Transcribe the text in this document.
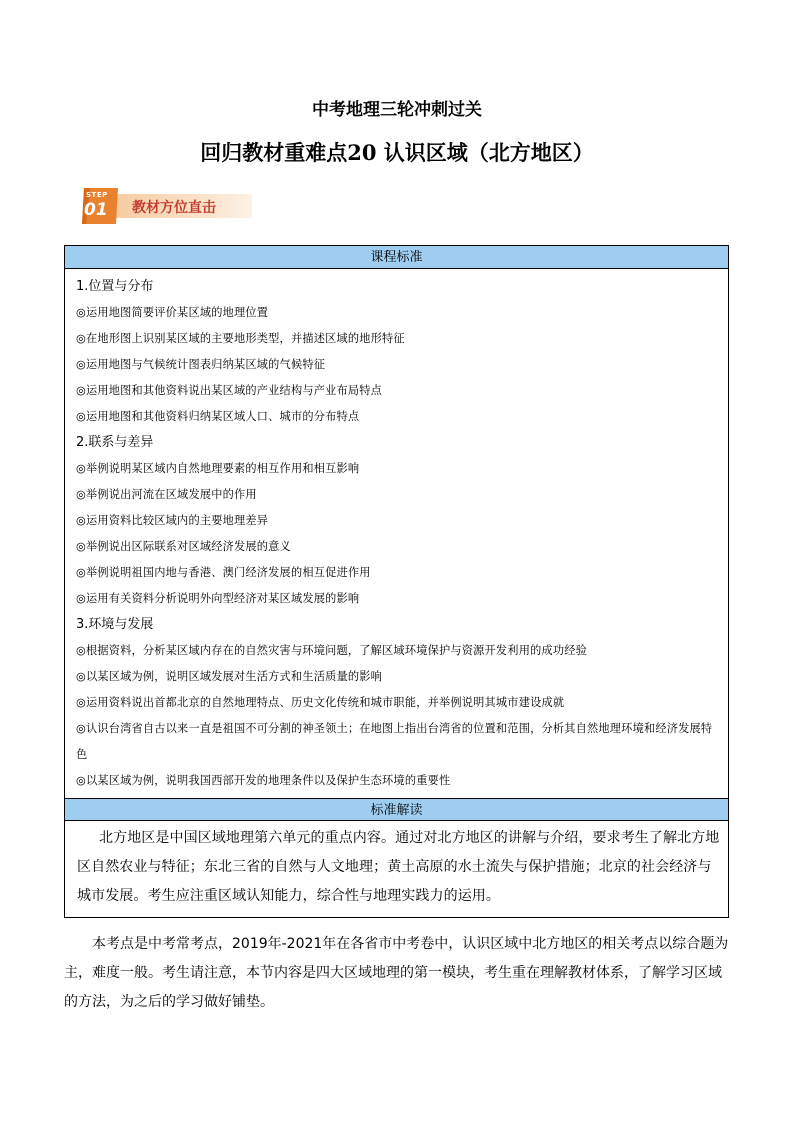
中考地理三轮冲刺过关
回归教材重难点20 认识区域（北方地区）
教材方位直击
STEP
01
课程标准
1.位置与分布
◎运用地图简要评价某区域的地理位置
◎在地形图上识别某区域的主要地形类型，并描述区域的地形特征
◎运用地图与气候统计图表归纳某区域的气候特征
◎运用地图和其他资料说出某区域的产业结构与产业布局特点
◎运用地图和其他资料归纳某区域人口、城市的分布特点
2.联系与差异
◎举例说明某区域内自然地理要素的相互作用和相互影响
◎举例说出河流在区域发展中的作用
◎运用资料比较区域内的主要地理差异
◎举例说出区际联系对区域经济发展的意义
◎举例说明祖国内地与香港、澳门经济发展的相互促进作用
◎运用有关资料分析说明外向型经济对某区域发展的影响
3.环境与发展
◎根据资料，分析某区域内存在的自然灾害与环境问题，了解区域环境保护与资源开发利用的成功经验
◎以某区域为例，说明区域发展对生活方式和生活质量的影响
◎运用资料说出首都北京的自然地理特点、历史文化传统和城市职能，并举例说明其城市建设成就
◎认识台湾省自古以来一直是祖国不可分割的神圣领土；在地图上指出台湾省的位置和范围，分析其自然地理环境和经济发展特色
◎以某区域为例，说明我国西部开发的地理条件以及保护生态环境的重要性
标准解读
北方地区是中国区域地理第六单元的重点内容。通过对北方地区的讲解与介绍，要求考生了解北方地区自然农业与特征；东北三省的自然与人文地理；黄土高原的水土流失与保护措施；北京的社会经济与城市发展。考生应注重区域认知能力，综合性与地理实践力的运用。

本考点是中考常考点，2019年-2021年在各省市中考卷中，认识区域中北方地区的相关考点以综合题为主，难度一般。考生请注意，本节内容是四大区域地理的第一模块，考生重在理解教材体系，了解学习区域的方法，为之后的学习做好铺垫。
